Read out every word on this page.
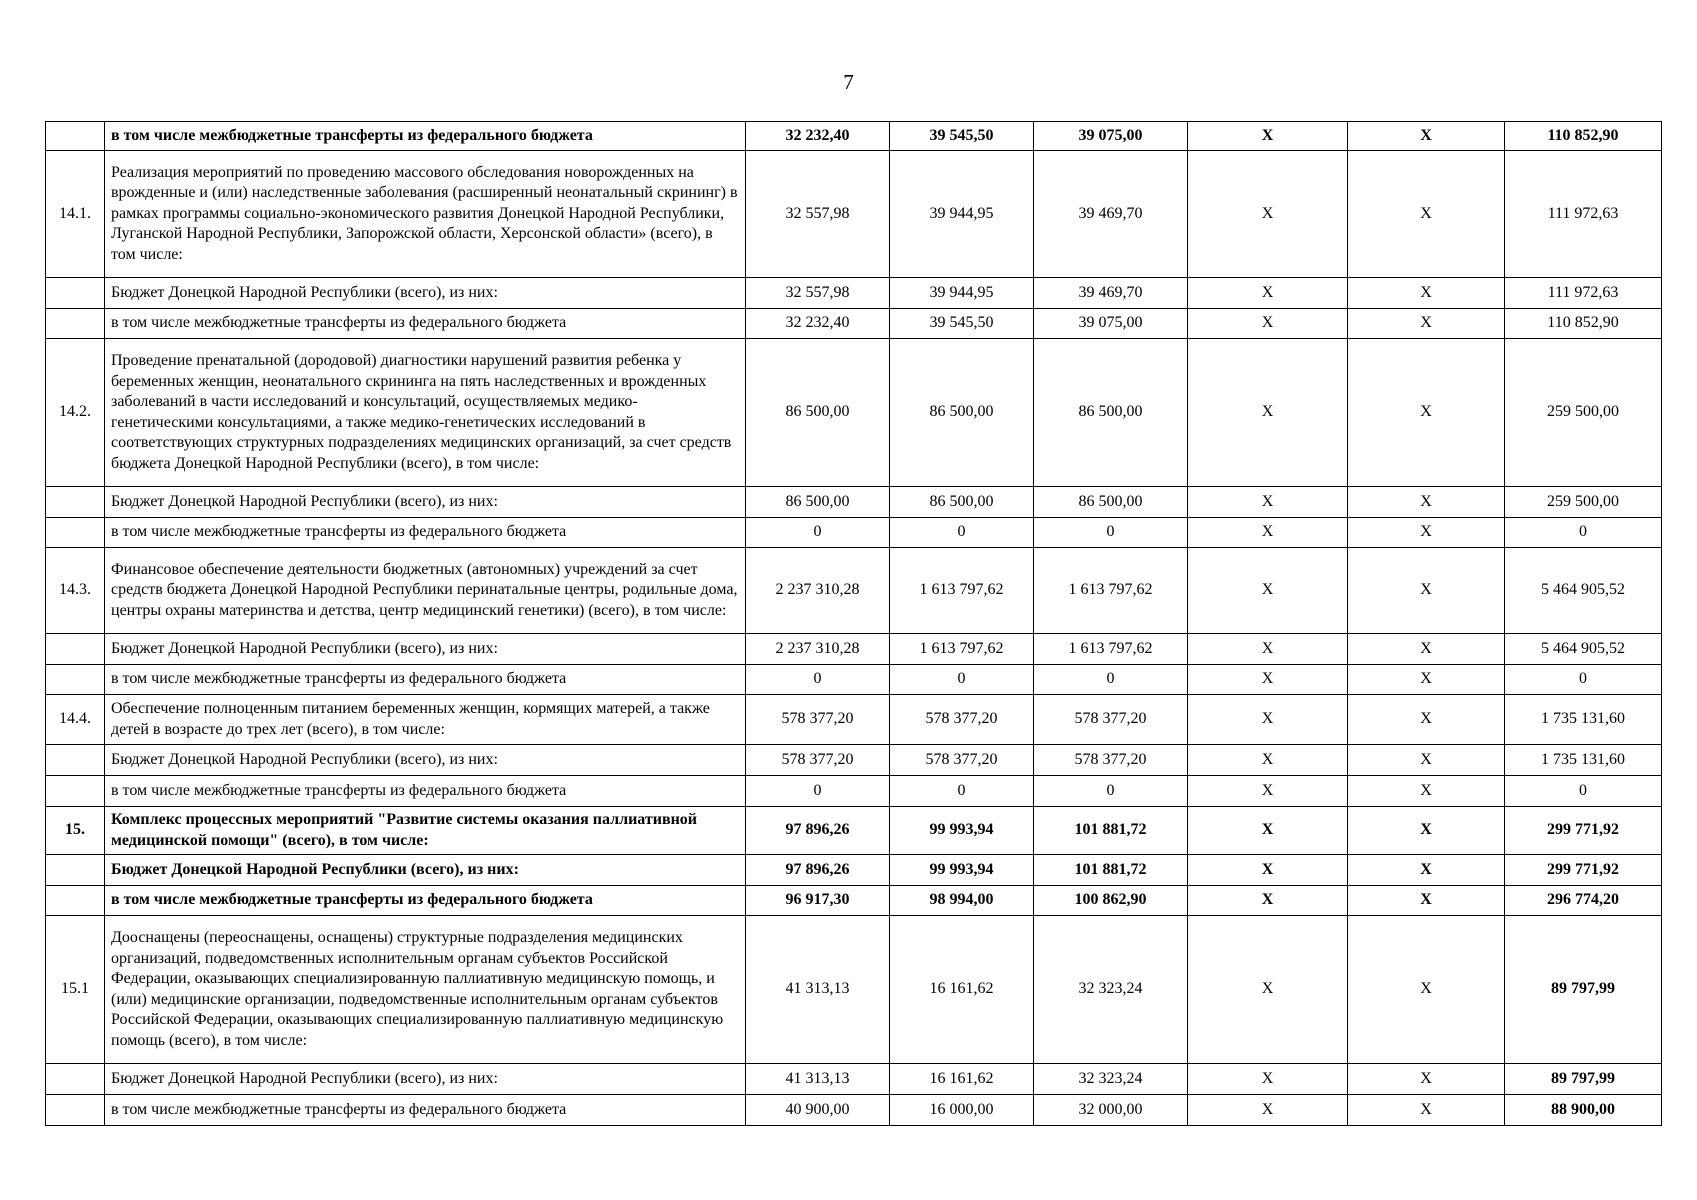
7
	в том числе межбюджетные трансферты из федерального бюджета	32 232,40	39 545,50	39 075,00	X	X	110 852,90
14.1.	Реализация мероприятий по проведению массового обследования новорожденных на врожденные и (или) наследственные заболевания (расширенный неонатальный скрининг) в рамках программы социально-экономического развития Донецкой Народной Республики, Луганской Народной Республики, Запорожской области, Херсонской области» (всего), в том числе:	32 557,98	39 944,95	39 469,70	X	X	111 972,63
	Бюджет Донецкой Народной Республики (всего), из них:	32 557,98	39 944,95	39 469,70	X	X	111 972,63
	в том числе межбюджетные трансферты из федерального бюджета	32 232,40	39 545,50	39 075,00	X	X	110 852,90
14.2.	Проведение пренатальной (дородовой) диагностики нарушений развития ребенка у беременных женщин, неонатального скрининга на пять наследственных и врожденных заболеваний в части исследований и консультаций, осуществляемых медико-генетическими консультациями, а также медико-генетических исследований в соответствующих структурных подразделениях медицинских организаций, за счет средств бюджета Донецкой Народной Республики (всего), в том числе:	86 500,00	86 500,00	86 500,00	X	X	259 500,00
	Бюджет Донецкой Народной Республики (всего), из них:	86 500,00	86 500,00	86 500,00	X	X	259 500,00
	в том числе межбюджетные трансферты из федерального бюджета	0	0	0	X	X	0
14.3.	Финансовое обеспечение деятельности бюджетных (автономных) учреждений за счет средств бюджета Донецкой Народной Республики перинатальные центры, родильные дома, центры охраны материнства и детства, центр медицинский генетики) (всего), в том числе:	2 237 310,28	1 613 797,62	1 613 797,62	X	X	5 464 905,52
	Бюджет Донецкой Народной Республики (всего), из них:	2 237 310,28	1 613 797,62	1 613 797,62	X	X	5 464 905,52
	в том числе межбюджетные трансферты из федерального бюджета	0	0	0	X	X	0
14.4.	Обеспечение полноценным питанием беременных женщин, кормящих матерей, а также детей в возрасте до трех лет (всего), в том числе:	578 377,20	578 377,20	578 377,20	X	X	1 735 131,60
	Бюджет Донецкой Народной Республики (всего), из них:	578 377,20	578 377,20	578 377,20	X	X	1 735 131,60
	в том числе межбюджетные трансферты из федерального бюджета	0	0	0	X	X	0
15.	Комплекс процессных мероприятий "Развитие системы оказания паллиативной медицинской помощи" (всего), в том числе:	97 896,26	99 993,94	101 881,72	X	X	299 771,92
	Бюджет Донецкой Народной Республики (всего), из них:	97 896,26	99 993,94	101 881,72	X	X	299 771,92
	в том числе межбюджетные трансферты из федерального бюджета	96 917,30	98 994,00	100 862,90	X	X	296 774,20
15.1	Дооснащены (переоснащены, оснащены) структурные подразделения медицинских организаций, подведомственных исполнительным органам субъектов Российской Федерации, оказывающих специализированную паллиативную медицинскую помощь, и (или) медицинские организации, подведомственные исполнительным органам субъектов Российской Федерации, оказывающих специализированную паллиативную медицинскую помощь (всего), в том числе:	41 313,13	16 161,62	32 323,24	X	X	89 797,99
	Бюджет Донецкой Народной Республики (всего), из них:	41 313,13	16 161,62	32 323,24	X	X	89 797,99
	в том числе межбюджетные трансферты из федерального бюджета	40 900,00	16 000,00	32 000,00	X	X	88 900,00
